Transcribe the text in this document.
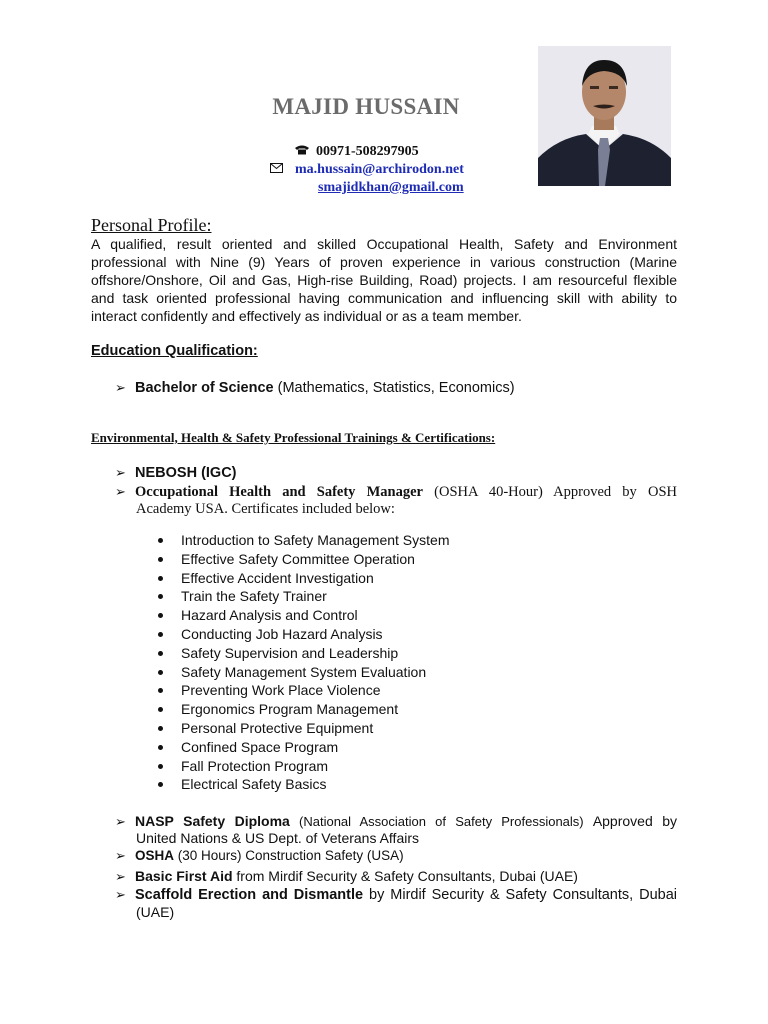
MAJID HUSSAIN
00971-508297905
ma.hussain@archirodon.net
smajidkhan@gmail.com
Personal Profile:
A qualified, result oriented and skilled Occupational Health, Safety and Environment professional with Nine (9) Years of proven experience in various construction (Marine offshore/Onshore, Oil and Gas, High-rise Building, Road) projects. I am resourceful flexible and task oriented professional having communication and influencing skill with ability to interact confidently and effectively as individual or as a team member.
Education Qualification:
➢ Bachelor of Science (Mathematics, Statistics, Economics)
Environmental, Health & Safety Professional Trainings & Certifications:
➢ NEBOSH (IGC)
➢ Occupational Health and Safety Manager (OSHA 40-Hour) Approved by OSH
Academy USA. Certificates included below:
Introduction to Safety Management System
Effective Safety Committee Operation
Effective Accident Investigation
Train the Safety Trainer
Hazard Analysis and Control
Conducting Job Hazard Analysis
Safety Supervision and Leadership
Safety Management System Evaluation
Preventing Work Place Violence
Ergonomics Program Management
Personal Protective Equipment
Confined Space Program
Fall Protection Program
Electrical Safety Basics
➢ NASP Safety Diploma (National Association of Safety Professionals) Approved by
United Nations & US Dept. of Veterans Affairs
➢ OSHA (30 Hours) Construction Safety (USA)
➢ Basic First Aid from Mirdif Security & Safety Consultants, Dubai (UAE)
➢ Scaffold Erection and Dismantle by Mirdif Security & Safety Consultants, Dubai
(UAE)
